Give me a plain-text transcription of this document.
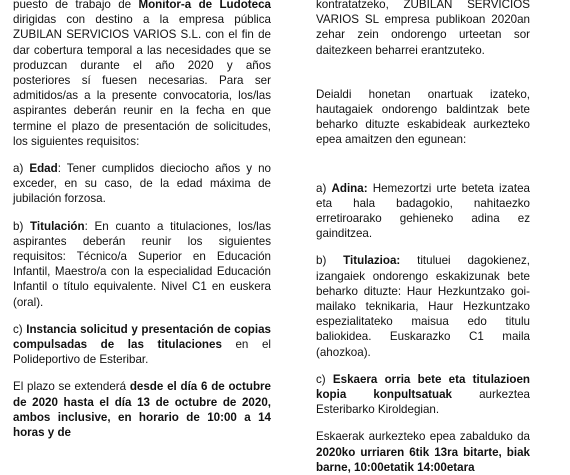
puesto de trabajo de Monitor-a de Ludoteca dirigidas con destino a la empresa pública ZUBILAN SERVICIOS VARIOS S.L. con el fin de dar cobertura temporal a las necesidades que se produzcan durante el año 2020 y años posteriores sí fuesen necesarias. Para ser admitidos/as a la presente convocatoria, los/las aspirantes deberán reunir en la fecha en que termine el plazo de presentación de solicitudes, los siguientes requisitos:

a) Edad: Tener cumplidos dieciocho años y no exceder, en su caso, de la edad máxima de jubilación forzosa.

b) Titulación: En cuanto a titulaciones, los/las aspirantes deberán reunir los siguientes requisitos: Técnico/a Superior en Educación Infantil, Maestro/a con la especialidad Educación Infantil o título equivalente. Nivel C1 en euskera (oral).

c) Instancia solicitud y presentación de copias compulsadas de las titulaciones en el Polideportivo de Esteribar.

El plazo se extenderá desde el día 6 de octubre de 2020 hasta el día 13 de octubre de 2020, ambos inclusive, en horario de 10:00 a 14 horas y de

kontratatzeko, ZUBILAN SERVICIOS VARIOS SL empresa publikoan 2020an zehar zein ondorengo urteetan sor daitezkeen beharrei erantzuteko.

Deialdi honetan onartuak izateko, hautagaiek ondorengo baldintzak bete beharko dituzte eskabideak aurkezteko epea amaitzen den egunean:

a) Adina: Hemezortzi urte beteta izatea eta hala badagokio, nahitaezko erretiroarako gehieneko adina ez gainditzea.

b) Titulazioa: tituluei dagokienez, izangaiek ondorengo eskakizunak bete beharko dituzte: Haur Hezkuntzako goi-mailako teknikaria, Haur Hezkuntzako espezialitateko maisua edo titulu baliokidea. Euskarazko C1 maila (ahozkoa).

c) Eskaera orria bete eta titulazioen kopia konpultsatuak aurkeztea Esteribarko Kiroldegian.

Eskaerak aurkezteko epea zabalduko da 2020ko urriaren 6tik 13ra bitarte, biak barne, 10:00etatik 14:00etara
